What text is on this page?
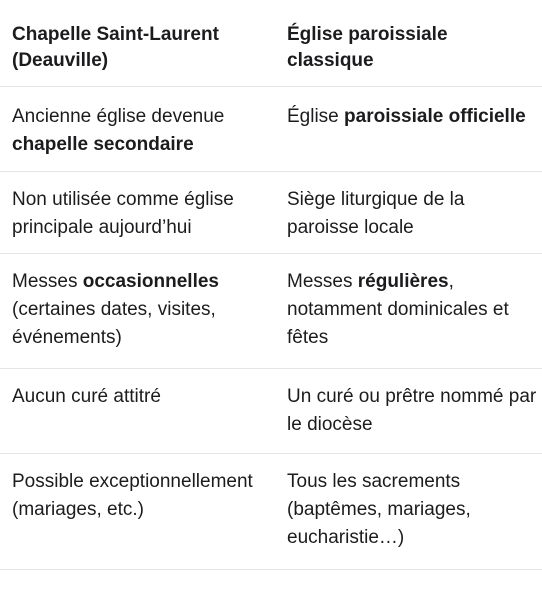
Chapelle Saint-Laurent (Deauville)
Église paroissiale classique
Ancienne église devenue chapelle secondaire
Église paroissiale officielle
Non utilisée comme église principale aujourd’hui
Siège liturgique de la paroisse locale
Messes occasionnelles (certaines dates, visites, événements)
Messes régulières, notamment dominicales et fêtes
Aucun curé attitré	Un curé ou prêtre nommé par le diocèse
Possible exceptionnellement (mariages, etc.)
Tous les sacrements (baptêmes, mariages, eucharistie…)
